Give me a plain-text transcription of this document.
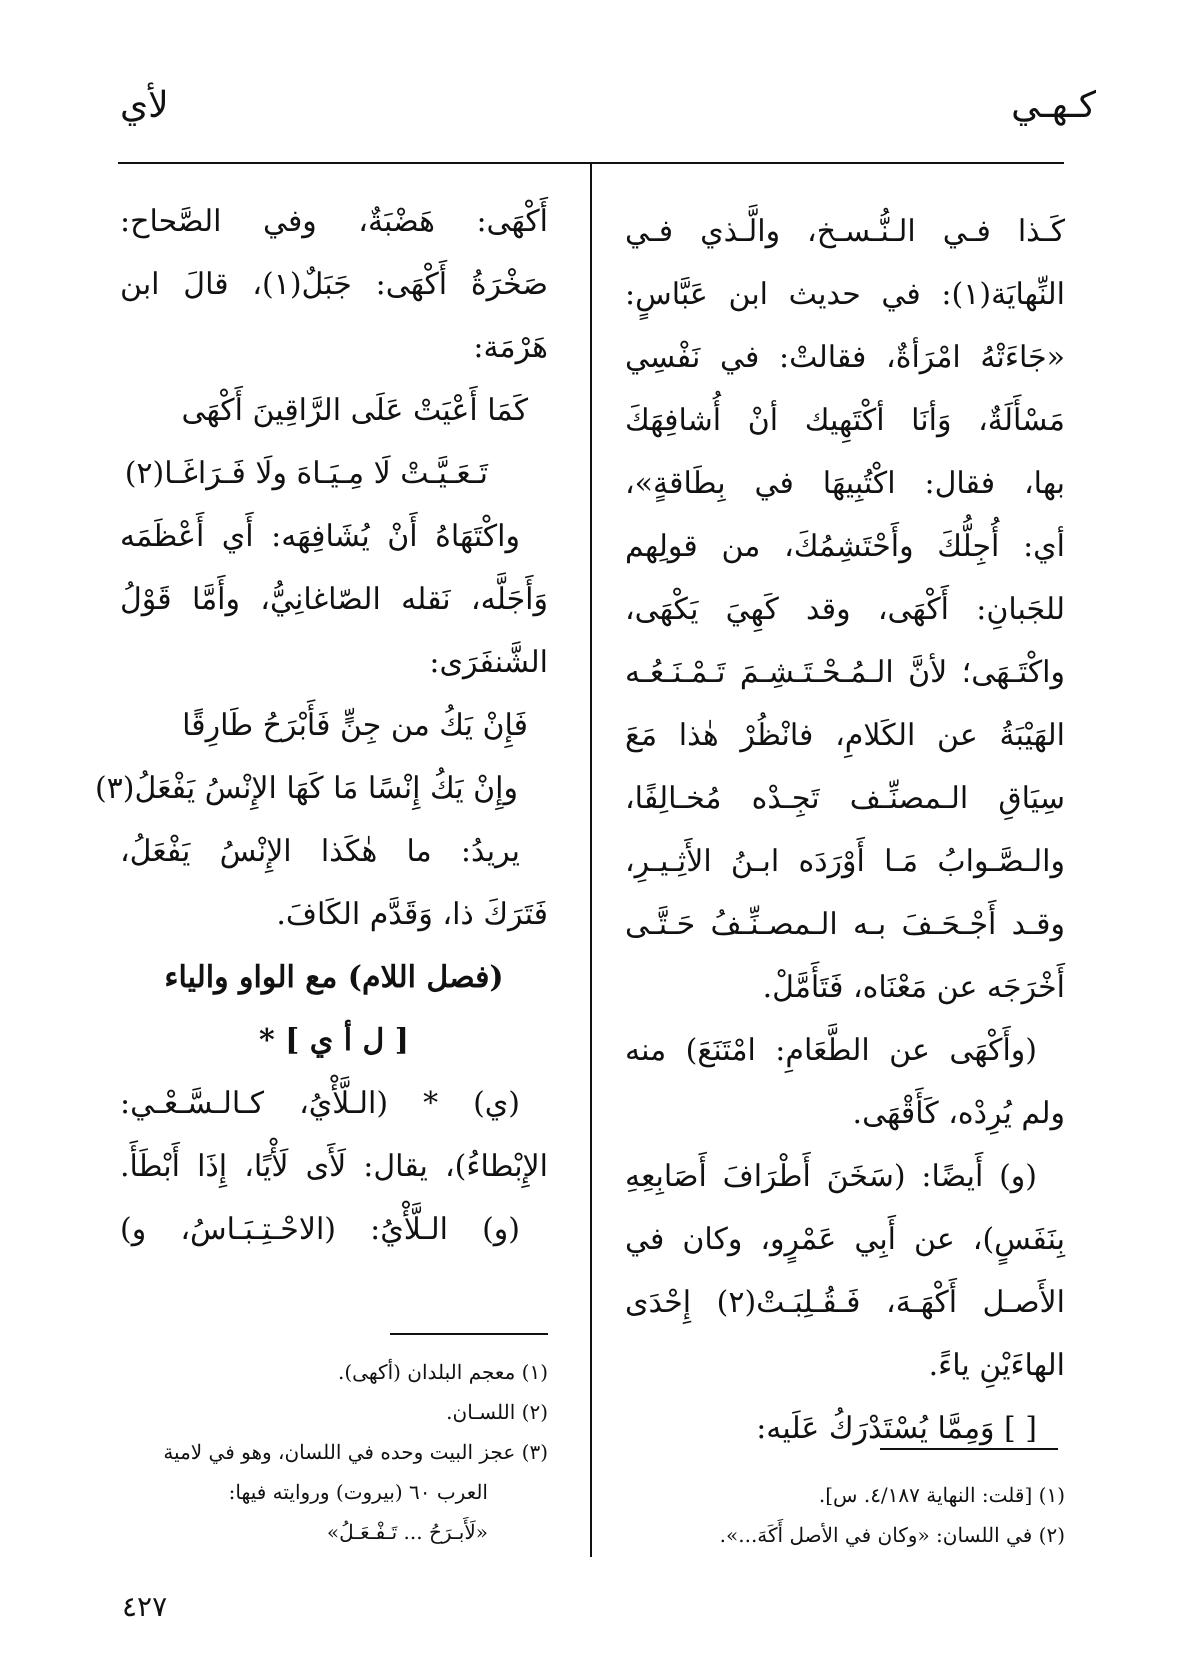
كـهـي
لأي
كَـذا فـي الـنُّـسـخ، والَّـذي فـي
النِّهايَة(١): في حديث ابن عَبَّاسٍ:
«جَاءَتْهُ امْرَأةٌ، فقالتْ: في نَفْسِي
مَسْأَلَةٌ، وَأنَا أكْتَهِيك أنْ أُشافِهَكَ
بها، فقال: اكْتُبِيهَا في بِطَاقةٍ»،
أي: أُجِلُّكَ وأَحْتَشِمُكَ، من قولِهم
للجَبانِ: أَكْهَى، وقد كَهِيَ يَكْهَى،
واكْتَـهَى؛ لأنَّ الـمُـحْـتَـشِـمَ تَـمْـنَـعُـه
الهَيْبَةُ عن الكَلامِ، فانْظُرْ هٰذا مَعَ
سِيَاقِ الـمصنِّـف تَجِـدْه مُخـالِفًا،
والـصَّـوابُ مَـا أَوْرَدَه ابـنُ الأَثِـيـرِ،
وقـد أَجْـحَـفَ بـه الـمصـنِّـفُ حَـتَّـى
أَخْرَجَه عن مَعْنَاه، فَتَأَمَّلْ.
(وأَكْهَى عن الطَّعَامِ: امْتَنَعَ) منه
ولم يُرِدْه، كَأَقْهَى.
(و) أَيضًا: (سَخَنَ أَطْرَافَ أَصَابِعِهِ
بِنَفَسٍ)، عن أَبِي عَمْرٍو، وكان في
الأَصـل أَكْهَـهَ، فَـقُـلِبَـتْ(٢) إِحْدَى
الهاءَيْنِ ياءً.
[ ] وَمِمَّا يُسْتَدْرَكُ عَلَيه:
أَكْهَى: هَضْبَةٌ، وفي الصَّحاح:
صَخْرَةُ أَكْهَى: جَبَلٌ(١)، قالَ ابن
هَرْمَة:
كَمَا أَعْيَتْ عَلَى الرَّاقِينَ أَكْهَى
تَـعَـيَّـتْ لَا مِـيَـاهَ ولَا فَـرَاغَـا(٢)
واكْتَهَاهُ أَنْ يُشَافِهَه: أَي أَعْظَمَه
وَأَجَلَّه، نَقله الصّاغانِيُّ، وأَمَّا قَوْلُ
الشَّنفَرَى:
فَإِنْ يَكُ من جِنٍّ فَأَبْرَحُ طَارِقًا
وإِنْ يَكُ إِنْسًا مَا كَهَا الإِنْسُ يَفْعَلُ(٣)
يريدُ: ما هٰكَذا الإِنْسُ يَفْعَلُ،
فَتَرَكَ ذا، وَقَدَّم الكَافَ.
(فصل اللام) مع الواو والياء
[ ل أ ي ] *
(ي) * (الـلَّأْيُ، كـالـسَّـعْـي:
الإِبْطاءُ)، يقال: لَأَى لَأْيًا، إِذَا أَبْطَأَ.
(و) الـلَّأْيُ: (الاحْـتِـبَـاسُ، و)
(١) معجم البلدان (أكهى).
(٢) اللسـان.
(٣) عجز البيت وحده في اللسان، وهو في لامية
العرب ٦٠ (بيروت) وروايته فيها:
«لَأَبـرَحُ ... تَـفْـعَـلُ»
(١) [قلت: النهاية ٤/١٨٧. س].
(٢) في اللسان: «وكان في الأصل أَكَهَ...».
٤٢٧
